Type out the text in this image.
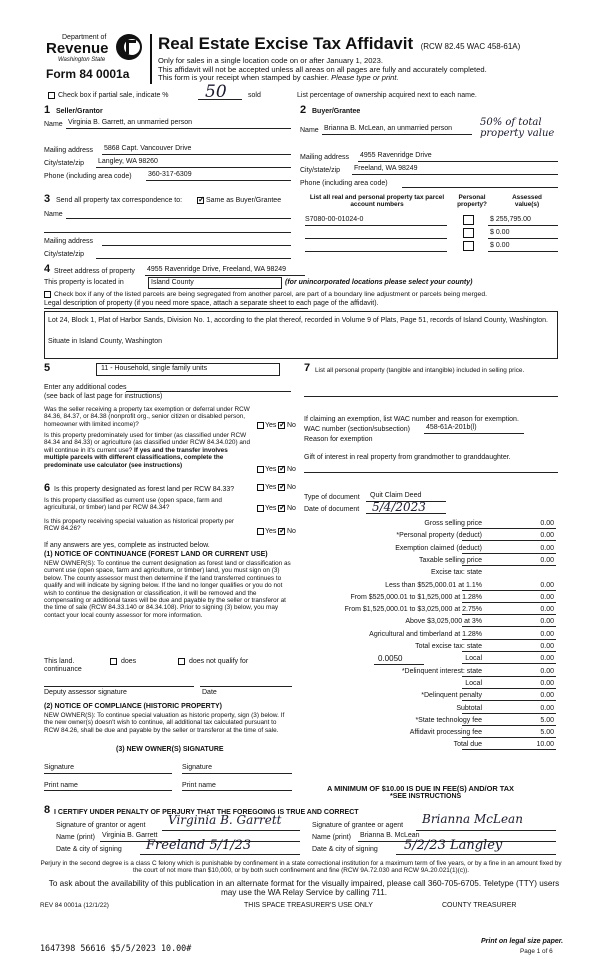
Department of
Revenue
Washington State
Form 84 0001a
Real Estate Excise Tax Affidavit (RCW 82.45 WAC 458-61A)
Only for sales in a single location code on or after January 1, 2023.
This affidavit will not be accepted unless all areas on all pages are fully and accurately completed.
This form is your receipt when stamped by cashier. Please type or print.
Check box if partial sale, indicate % 50	sold	List percentage of ownership acquired next to each name.
1 Seller/Grantor
Name Virginia B. Garrett, an unmarried person
Mailing address 5868 Capt. Vancouver Drive
City/state/zip Langley, WA 98260
Phone (including area code) 360-317-6309
2 Buyer/Grantee
Name Brianna B. McLean, an unmarried person
50% of total property value
Mailing address 4955 Ravenridge Drive
City/state/zip Freeland, WA 98249
Phone (including area code)
3 Send all property tax correspondence to: ✓	Same as Buyer/Grantee
Name
Mailing address
City/state/zip
List all real and personal property tax parcel account numbers
Personal property?
Assessed value(s)
S7080-00-01024-0	$ 255,795.00
$ 0.00
$ 0.00
4 Street address of property 4955 Ravenridge Drive, Freeland, WA 98249
This property is located in	Island County	(for unincorporated locations please select your county)
Check box if any of the listed parcels are being segregated from another parcel, are part of a boundary line adjustment or parcels being merged.
Legal description of property (if you need more space, attach a separate sheet to each page of the affidavit).
Lot 24, Block 1, Plat of Harbor Sands, Division No. 1, according to the plat thereof, recorded in Volume 9 of Plats, Page 51, records of Island County, Washington.
Situate in Island County, Washington
5	11 - Household, single family units
Enter any additional codes
(see back of last page for instructions)
Was the seller receiving a property tax exemption or deferral under RCW 84.36, 84.37, or 84.38 (nonprofit org., senior citizen or disabled person, homeowner with limited income)?	Yes ✓ No
Is this property predominately used for timber (as classified under RCW 84.34 and 84.33) or agriculture (as classified under RCW 84.34.020) and will continue in it's current use? If yes and the transfer involves multiple parcels with different classifications, complete the predominate use calculator (see instructions)
Yes ✓ No
6 Is this property designated as forest land per RCW 84.33?	Yes ✓ No
Is this property classified as current use (open space, farm and agricultural, or timber) land per RCW 84.34?	Yes ✓ No
Is this property receiving special valuation as historical property per RCW 84.26?	Yes ✓ No
If any answers are yes, complete as instructed below.
(1) NOTICE OF CONTINUANCE (FOREST LAND OR CURRENT USE)
NEW OWNER(S): To continue the current designation as forest land or classification as current use (open space, farm and agriculture, or timber) land, you must sign on (3) below. The county assessor must then determine if the land transferred continues to qualify and will indicate by signing below. If the land no longer qualifies or you do not wish to continue the designation or classification, it will be removed and the compensating or additional taxes will be due and payable by the seller or transferor at the time of sale (RCW 84.33.140 or 84.34.108). Prior to signing (3) below, you may contact your local county assessor for more information.
This land.
continuance
does	does not qualify for
Deputy assessor signature	Date
(2) NOTICE OF COMPLIANCE (HISTORIC PROPERTY)
NEW OWNER(S): To continue special valuation as historic property, sign (3) below. If the new owner(s) doesn't wish to continue, all additional tax calculated pursuant to RCW 84.26, shall be due and payable by the seller or transferor at the time of sale.
(3) NEW OWNER(S) SIGNATURE
Signature	Signature
Print name	Print name
7 List all personal property (tangible and intangible) included in selling price.
If claiming an exemption, list WAC number and reason for exemption.
WAC number (section/subsection) 458-61A-201b(l)
Reason for exemption
Gift of interest in real property from grandmother to granddaughter.
Type of document Quit Claim Deed
Date of document 5/4/2023
Gross selling price	0.00
*Personal property (deduct)	0.00
Exemption claimed (deduct)	0.00
Taxable selling price	0.00
Excise tax: state
Less than $525,000.01 at 1.1%	0.00
From $525,000.01 to $1,525,000 at 1.28%	0.00
From $1,525,000.01 to $3,025,000 at 2.75%	0.00
Above $3,025,000 at 3%	0.00
Agricultural and timberland at 1.28%	0.00
Total excise tax: state	0.00
0.0050	Local	0.00
*Delinquent interest: state	0.00
Local	0.00
*Delinquent penalty	0.00
Subtotal	0.00
*State technology fee	5.00
Affidavit processing fee	5.00
Total due	10.00
A MINIMUM OF $10.00 IS DUE IN FEE(S) AND/OR TAX
*SEE INSTRUCTIONS
8 I CERTIFY UNDER PENALTY OF PERJURY THAT THE FOREGOING IS TRUE AND CORRECT
Signature of grantor or agent Virginia B. Garrett
Name (print) Virginia B. Garrett
Date & city of signing Freeland 5/1/23
Signature of grantee or agent Brianna McLean
Name (print) Brianna B. McLean
Date & city of signing 5/2/23 Langley
Perjury in the second degree is a class C felony which is punishable by confinement in a state correctional institution for a maximum term of five years, or by a fine in an amount fixed by the court of not more than $10,000, or by both such confinement and fine (RCW 9A.72.030 and RCW 9A.20.021(1)(c)).
To ask about the availability of this publication in an alternate format for the visually impaired, please call 360-705-6705. Teletype (TTY) users may use the WA Relay Service by calling 711.
REV 84 0001a (12/1/22)	THIS SPACE TREASURER'S USE ONLY	COUNTY TREASURER
1647398 56616 $5/5/2023 10.00#
Print on legal size paper.
Page 1 of 6
